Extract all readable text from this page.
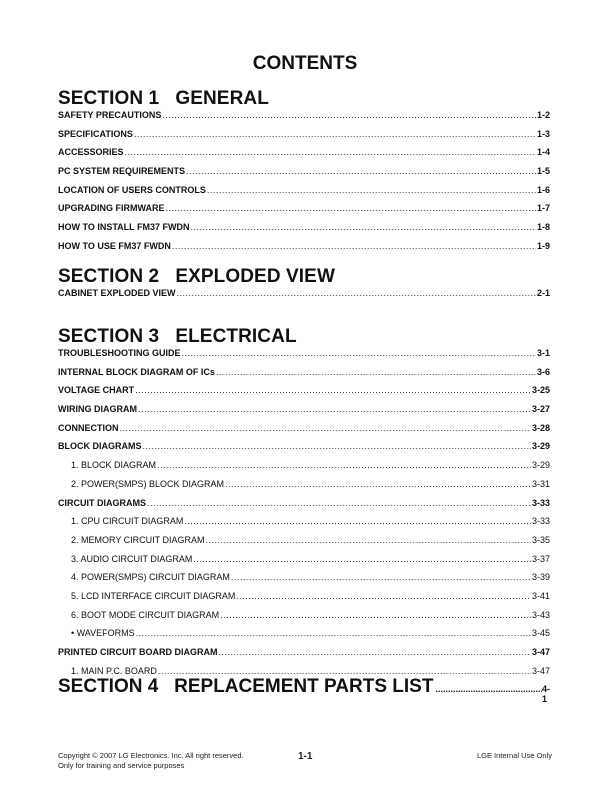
CONTENTS
SECTION 1   GENERAL
SAFETY PRECAUTIONS .....	1-2
SPECIFICATIONS .....	1-3
ACCESSORIES .....	1-4
PC SYSTEM REQUIREMENTS .....	1-5
LOCATION OF USERS CONTROLS .....	1-6
UPGRADING FIRMWARE .....	1-7
HOW TO INSTALL FM37 FWDN .....	1-8
HOW TO USE FM37 FWDN .....	1-9
SECTION 2   EXPLODED VIEW
CABINET EXPLODED VIEW .....	2-1
SECTION 3   ELECTRICAL
TROUBLESHOOTING GUIDE .....	3-1
INTERNAL BLOCK DIAGRAM OF ICs .....	3-6
VOLTAGE CHART .....	3-25
WIRING DIAGRAM .....	3-27
CONNECTION .....	3-28
BLOCK DIAGRAMS .....	3-29
1. BLOCK DIAGRAM .....	3-29
2. POWER(SMPS) BLOCK DIAGRAM .....	3-31
CIRCUIT DIAGRAMS .....	3-33
1. CPU CIRCUIT DIAGRAM .....	3-33
2. MEMORY CIRCUIT DIAGRAM .....	3-35
3. AUDIO CIRCUIT DIAGRAM .....	3-37
4. POWER(SMPS) CIRCUIT DIAGRAM .....	3-39
5. LCD INTERFACE CIRCUIT DIAGRAM .....	3-41
6. BOOT MODE CIRCUIT DIAGRAM .....	3-43
• WAVEFORMS .....	3-45
PRINTED CIRCUIT BOARD DIAGRAM .....	3-47
1. MAIN P.C. BOARD .....	3-47
SECTION 4   REPLACEMENT PARTS LIST .....	4-1
Copyright © 2007 LG Electronics. Inc. All right reserved.
Only for training and service purposes
1-1	LGE Internal Use Only
